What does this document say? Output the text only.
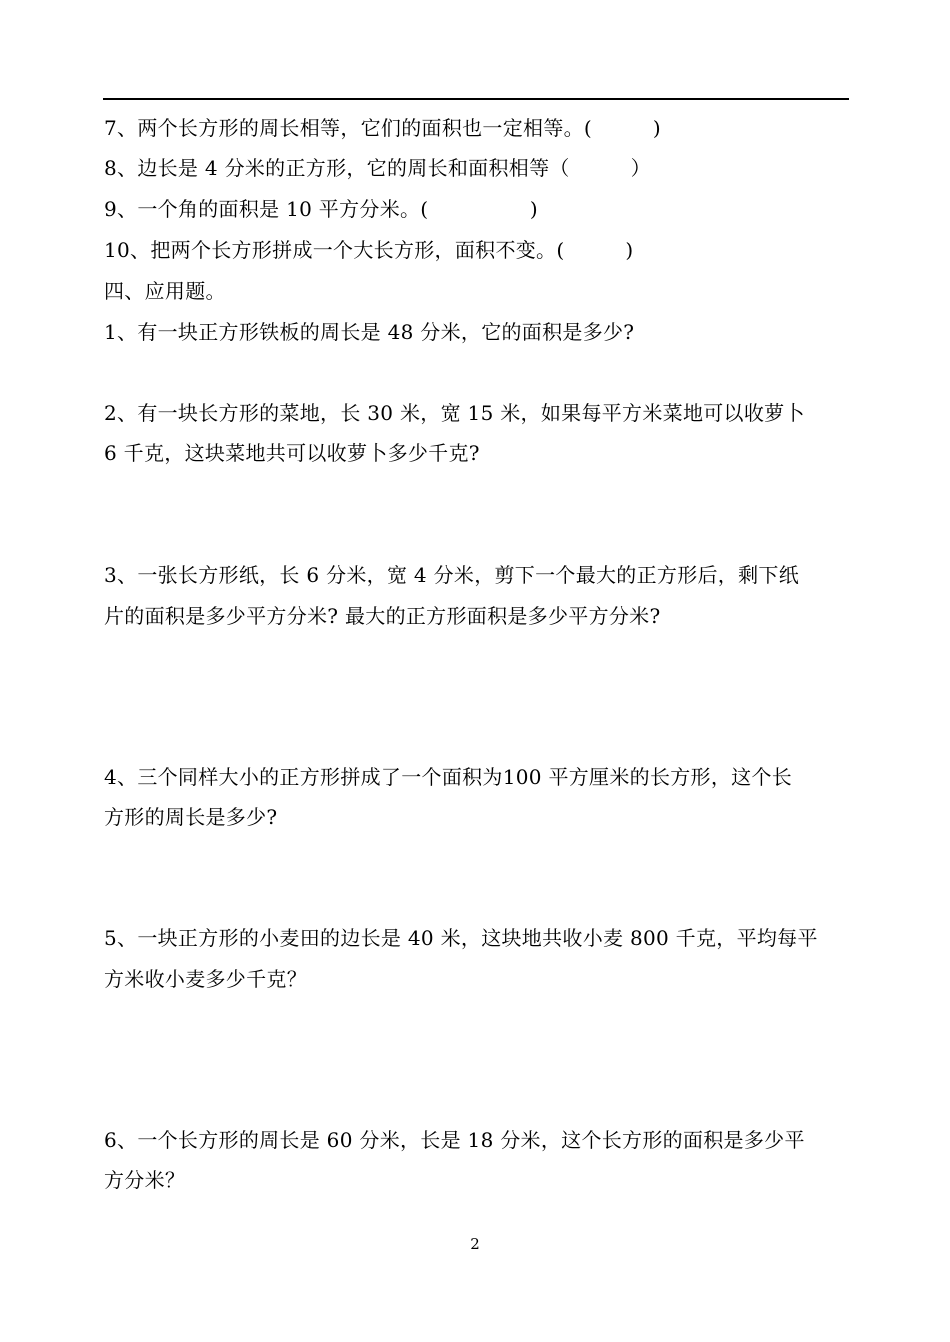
7、两个长方形的周长相等，它们的面积也一定相等。(　　　)
8、边长是 4 分米的正方形，它的周长和面积相等（　　　）
9、一个角的面积是 10 平方分米。(　　　　　)
10、把两个长方形拼成一个大长方形，面积不变。(　　　)
四、应用题。
1、有一块正方形铁板的周长是 48 分米，它的面积是多少?
2、有一块长方形的菜地，长 30 米，宽 15 米，如果每平方米菜地可以收萝卜
6 千克，这块菜地共可以收萝卜多少千克?
3、一张长方形纸，长 6 分米，宽 4 分米，剪下一个最大的正方形后，剩下纸
片的面积是多少平方分米? 最大的正方形面积是多少平方分米?
4、三个同样大小的正方形拼成了一个面积为100 平方厘米的长方形，这个长
方形的周长是多少?
5、一块正方形的小麦田的边长是 40 米，这块地共收小麦 800 千克，平均每平
方米收小麦多少千克？
6、一个长方形的周长是 60 分米，长是 18 分米，这个长方形的面积是多少平
方分米？
2
